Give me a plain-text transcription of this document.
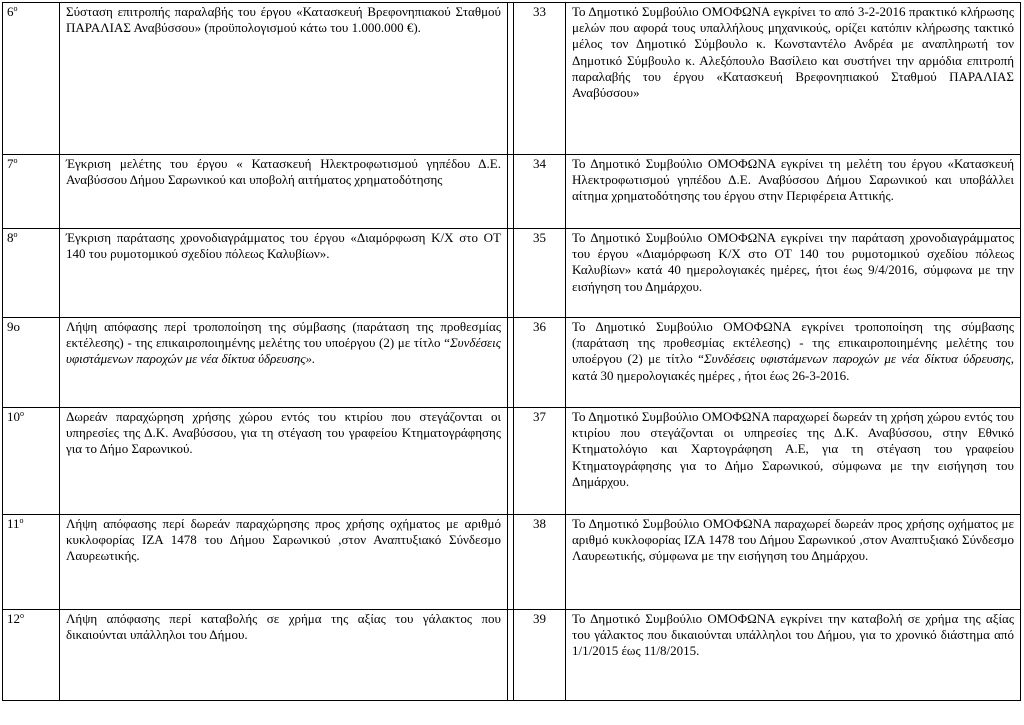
$6^o$	Σύσταση επιτροπής παραλαβής του έργου «Κατασκευή Βρεφονηπιακού Σταθμού ΠΑΡΑΛΙΑΣ Αναβύσσου» (προϋπολογισμού κάτω του 1.000.000 €).		33	Το Δημοτικό Συμβούλιο ΟΜΟΦΩΝΑ εγκρίνει το από 3-2-2016 πρακτικό κλήρωσης μελών που αφορά τους υπαλλήλους μηχανικούς, ορίζει κατόπιν κλήρωσης τακτικό μέλος τον Δημοτικό Σύμβουλο κ. Κωνσταντέλο Ανδρέα με αναπληρωτή τον Δημοτικό Σύμβουλο κ. Αλεξόπουλο Βασίλειο και συστήνει την αρμόδια επιτροπή παραλαβής του έργου «Κατασκευή Βρεφονηπιακού Σταθμού ΠΑΡΑΛΙΑΣ Αναβύσσου»
$7^o$	Έγκριση μελέτης του έργου « Κατασκευή Ηλεκτροφωτισμού γηπέδου Δ.Ε. Αναβύσσου Δήμου Σαρωνικού και υποβολή αιτήματος χρηματοδότησης		34	Το Δημοτικό Συμβούλιο ΟΜΟΦΩΝΑ εγκρίνει τη μελέτη του έργου «Κατασκευή Ηλεκτροφωτισμού γηπέδου Δ.Ε. Αναβύσσου Δήμου Σαρωνικού και υποβάλλει αίτημα χρηματοδότησης του έργου στην Περιφέρεια Αττικής.
$8^o$	Έγκριση παράτασης χρονοδιαγράμματος του έργου «Διαμόρφωση Κ/Χ στο ΟΤ 140 του ρυμοτομικού σχεδίου πόλεως Καλυβίων».		35	Το Δημοτικό Συμβούλιο ΟΜΟΦΩΝΑ εγκρίνει την παράταση χρονοδιαγράμματος του έργου «Διαμόρφωση Κ/Χ στο ΟΤ 140 του ρυμοτομικού σχεδίου πόλεως Καλυβίων» κατά 40 ημερολογιακές ημέρες, ήτοι έως 9/4/2016, σύμφωνα με την εισήγηση του Δημάρχου.
9ο	Λήψη απόφασης περί τροποποίηση της σύμβασης (παράταση της προθεσμίας εκτέλεσης) - της επικαιροποιημένης μελέτης του υποέργου (2) με τίτλο “Συνδέσεις υφιστάμενων παροχών με νέα δίκτυα ύδρευσης».		36	Το Δημοτικό Συμβούλιο ΟΜΟΦΩΝΑ εγκρίνει τροποποίηση της σύμβασης (παράταση της προθεσμίας εκτέλεσης) - της επικαιροποιημένης μελέτης του υποέργου (2) με τίτλο “Συνδέσεις υφιστάμενων παροχών με νέα δίκτυα ύδρευσης, κατά 30 ημερολογιακές ημέρες , ήτοι έως 26-3-2016.
$10^o$	Δωρεάν παραχώρηση χρήσης χώρου εντός του κτιρίου που στεγάζονται οι υπηρεσίες της Δ.Κ. Αναβύσσου, για τη στέγαση του γραφείου Κτηματογράφησης για το Δήμο Σαρωνικού.		37	Το Δημοτικό Συμβούλιο ΟΜΟΦΩΝΑ παραχωρεί δωρεάν τη χρήση χώρου εντός του κτιρίου που στεγάζονται οι υπηρεσίες της Δ.Κ. Αναβύσσου, στην Εθνικό Κτηματολόγιο και Χαρτογράφηση Α.Ε, για τη στέγαση του γραφείου Κτηματογράφησης για το Δήμο Σαρωνικού, σύμφωνα με την εισήγηση του Δημάρχου.
$11^o$	Λήψη απόφασης περί δωρεάν παραχώρησης προς χρήσης οχήματος με αριθμό κυκλοφορίας ΙΖΑ 1478 του Δήμου Σαρωνικού ,στον Αναπτυξιακό Σύνδεσμο Λαυρεωτικής.		38	Το Δημοτικό Συμβούλιο ΟΜΟΦΩΝΑ παραχωρεί δωρεάν προς χρήσης οχήματος με αριθμό κυκλοφορίας ΙΖΑ 1478 του Δήμου Σαρωνικού ,στον Αναπτυξιακό Σύνδεσμο Λαυρεωτικής, σύμφωνα με την εισήγηση του Δημάρχου.
$12^o$	Λήψη απόφασης περί καταβολής σε χρήμα της αξίας του γάλακτος που δικαιούνται υπάλληλοι του Δήμου.		39	Το Δημοτικό Συμβούλιο ΟΜΟΦΩΝΑ εγκρίνει την καταβολή σε χρήμα της αξίας του γάλακτος που δικαιούνται υπάλληλοι του Δήμου, για το χρονικό διάστημα από 1/1/2015 έως 11/8/2015.
